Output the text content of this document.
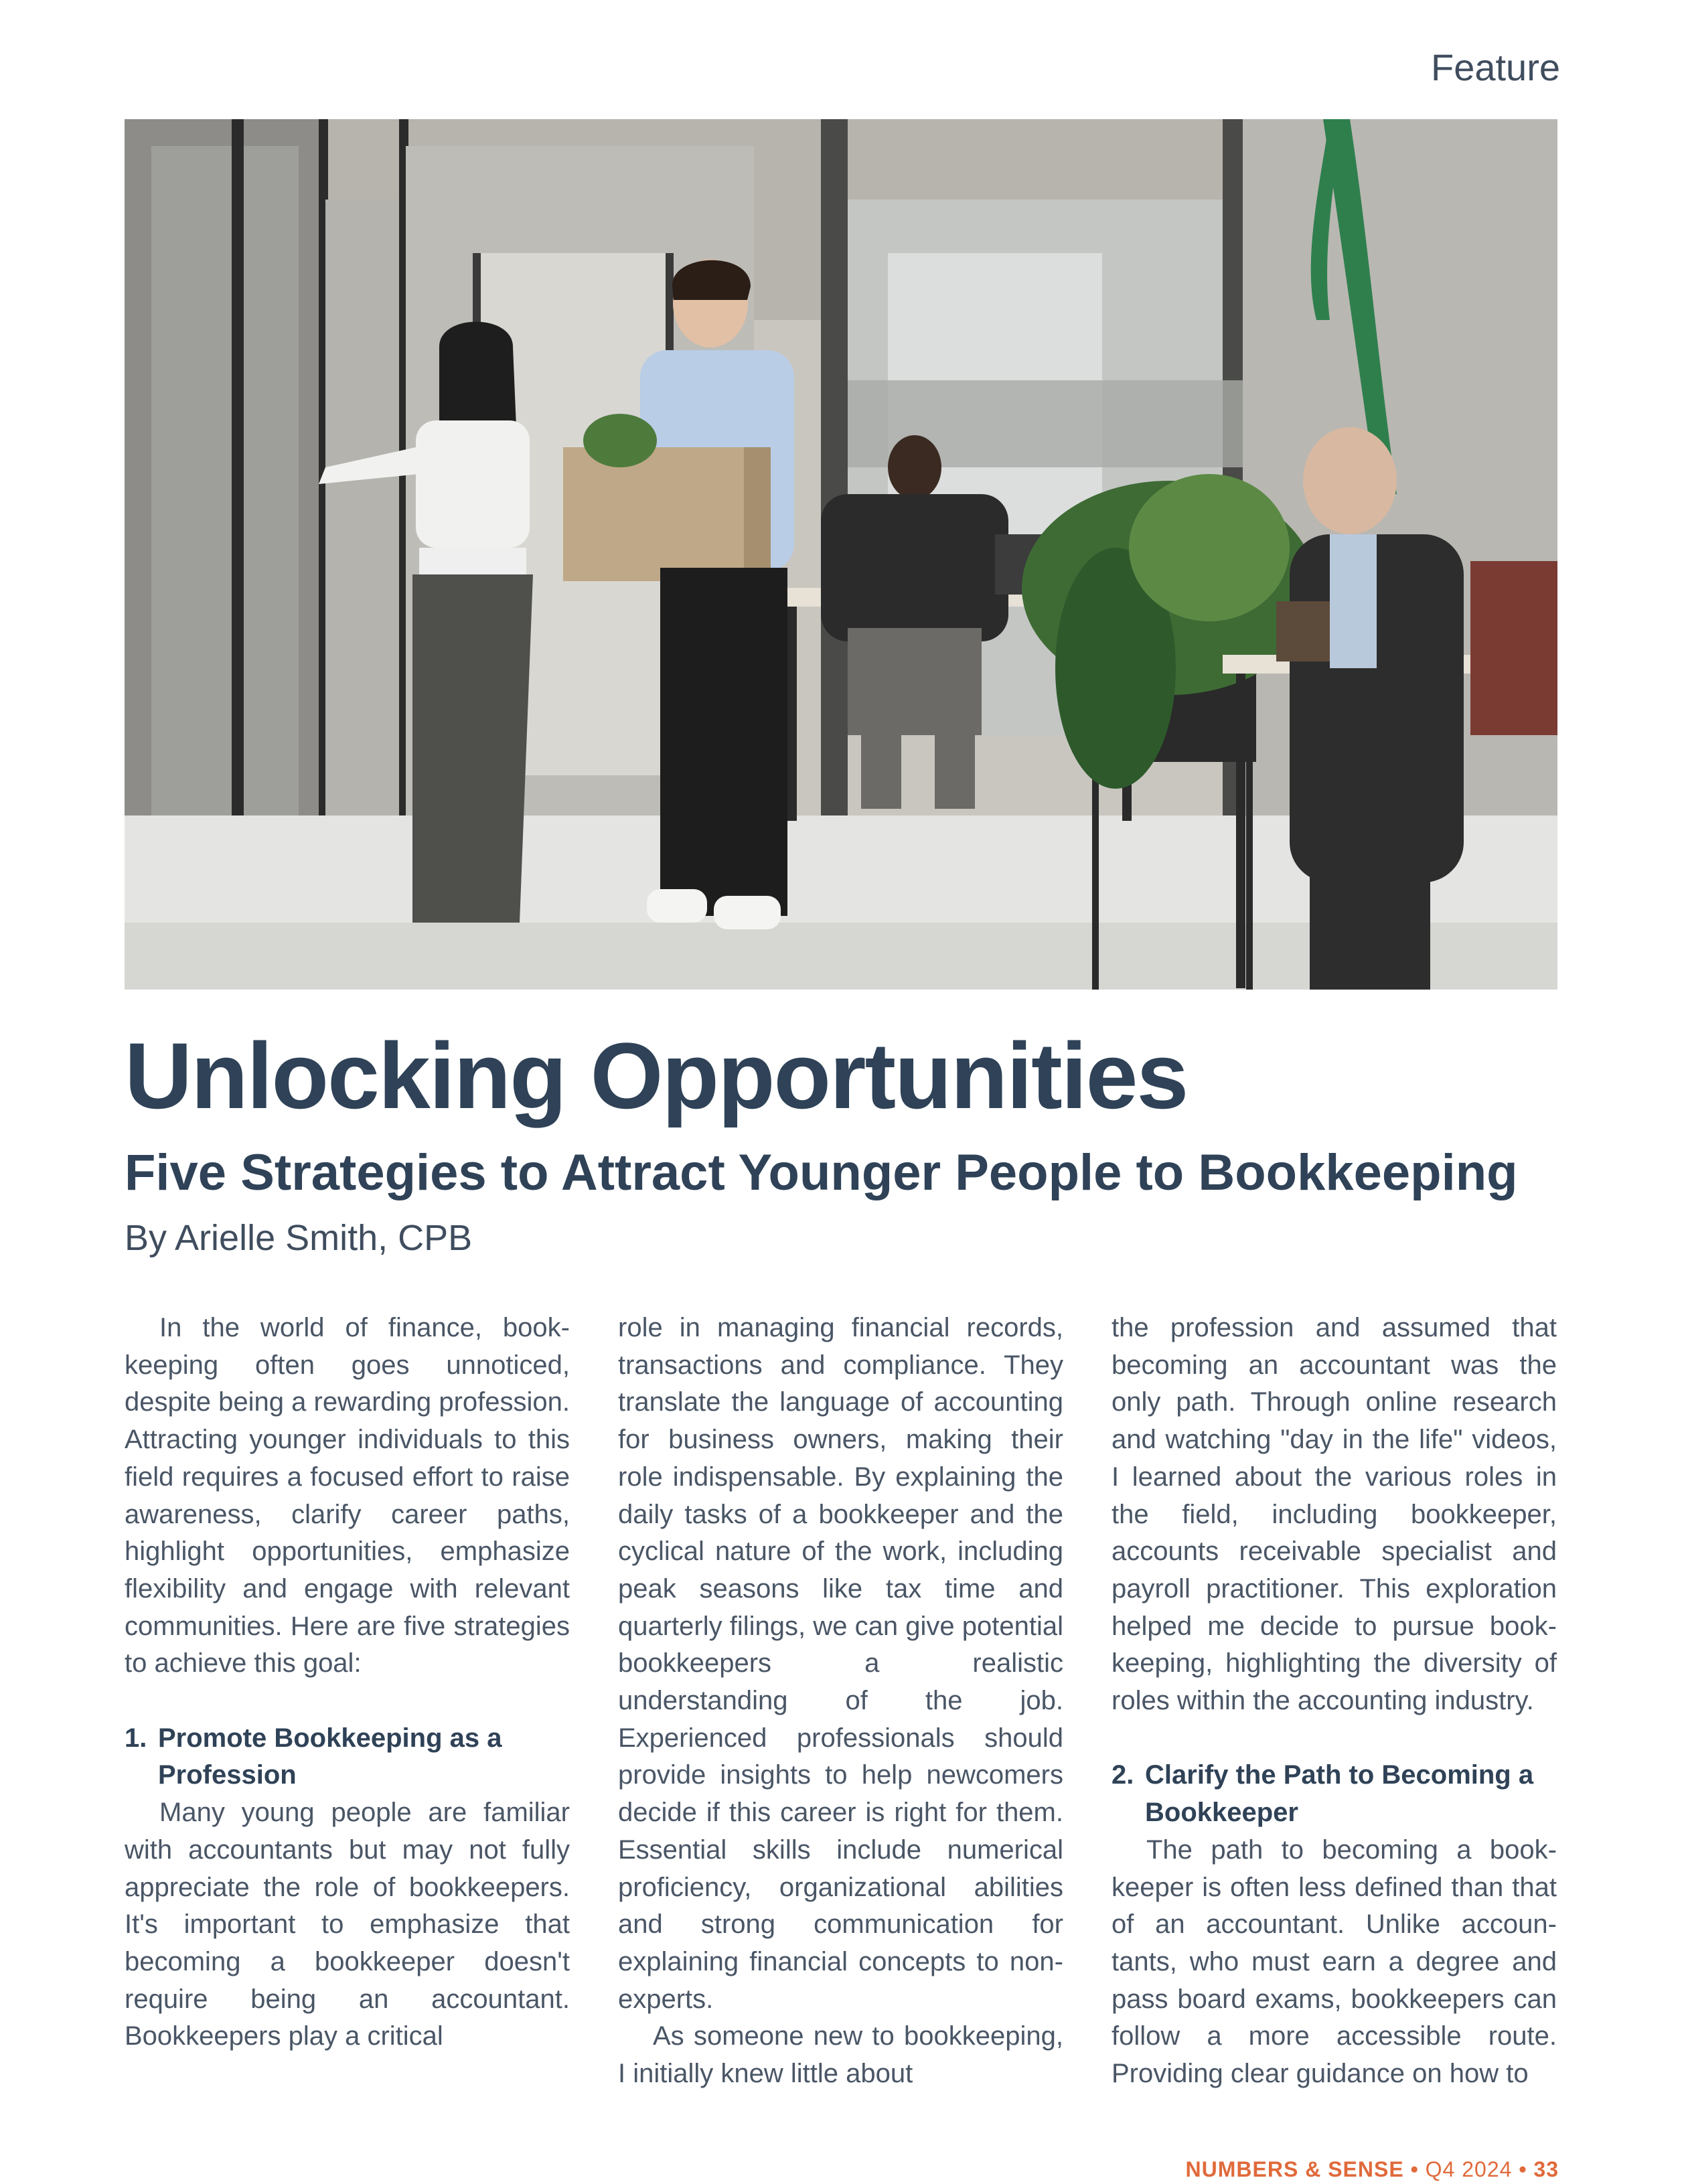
Feature
© ANNASTILLS / SHUTTERSTOCK.COM
Unlocking Opportunities
Five Strategies to Attract Younger People to Bookkeeping
By Arielle Smith, CPB

In the world of finance, bookkeeping often goes unnoticed, despite being a rewarding profession. Attracting younger individuals to this field requires a focused effort to raise awareness, clarify career paths, highlight opportunities, emphasize flexibility and engage with relevant communities. Here are five strategies to achieve this goal:

1. Promote Bookkeeping as a Profession

Many young people are familiar with accountants but may not fully appreciate the role of bookkeepers. It's important to emphasize that becoming a bookkeeper doesn't require being an accountant. Bookkeepers play a critical

role in managing financial records, transactions and compliance. They translate the language of accounting for business owners, making their role indispensable. By explaining the daily tasks of a bookkeeper and the cyclical nature of the work, including peak seasons like tax time and quarterly filings, we can give potential bookkeepers a realistic understanding of the job. Experienced professionals should provide insights to help newcomers decide if this career is right for them. Essential skills include numerical proficiency, organizational abilities and strong communication for explaining financial concepts to non-experts.

As someone new to bookkeeping, I initially knew little about

the profession and assumed that becoming an accountant was the only path. Through online research and watching "day in the life" videos, I learned about the various roles in the field, including bookkeeper, accounts receivable specialist and payroll practitioner. This exploration helped me decide to pursue bookkeeping, highlighting the diversity of roles within the accounting industry.

2. Clarify the Path to Becoming a Bookkeeper

The path to becoming a bookkeeper is often less defined than that of an accountant. Unlike accountants, who must earn a degree and pass board exams, bookkeepers can follow a more accessible route. Providing clear guidance on how to

NUMBERS & SENSE • Q4 2024 • 33
